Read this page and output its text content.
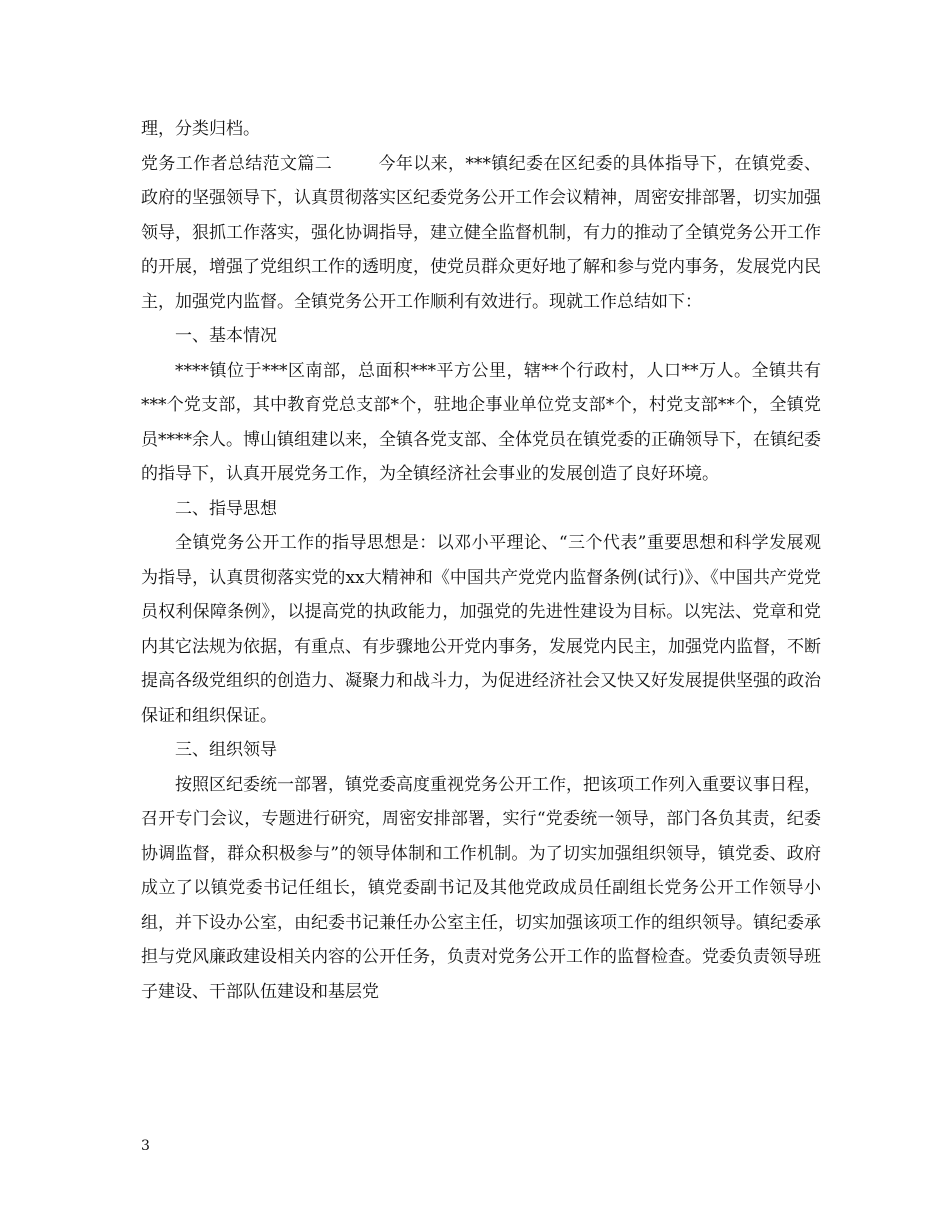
理，分类归档。

党务工作者总结范文篇二	今年以来，***镇纪委在区纪委的具体指导下，在镇党委、政府的坚强领导下，认真贯彻落实区纪委党务公开工作会议精神，周密安排部署，切实加强领导，狠抓工作落实，强化协调指导，建立健全监督机制，有力的推动了全镇党务公开工作的开展，增强了党组织工作的透明度，使党员群众更好地了解和参与党内事务，发展党内民主，加强党内监督。全镇党务公开工作顺利有效进行。现就工作总结如下：

一、基本情况

****镇位于***区南部，总面积***平方公里，辖**个行政村，人口**万人。全镇共有***个党支部，其中教育党总支部*个，驻地企事业单位党支部*个，村党支部**个，全镇党员****余人。博山镇组建以来，全镇各党支部、全体党员在镇党委的正确领导下，在镇纪委的指导下，认真开展党务工作，为全镇经济社会事业的发展创造了良好环境。

二、指导思想

全镇党务公开工作的指导思想是：以邓小平理论、“三个代表”重要思想和科学发展观为指导，认真贯彻落实党的xx大精神和《中国共产党党内监督条例(试行)》、《中国共产党党员权利保障条例》，以提高党的执政能力，加强党的先进性建设为目标。以宪法、党章和党内其它法规为依据，有重点、有步骤地公开党内事务，发展党内民主，加强党内监督，不断提高各级党组织的创造力、凝聚力和战斗力，为促进经济社会又快又好发展提供坚强的政治保证和组织保证。

三、组织领导

按照区纪委统一部署，镇党委高度重视党务公开工作，把该项工作列入重要议事日程，召开专门会议，专题进行研究，周密安排部署，实行“党委统一领导，部门各负其责，纪委协调监督，群众积极参与”的领导体制和工作机制。为了切实加强组织领导，镇党委、政府成立了以镇党委书记任组长，镇党委副书记及其他党政成员任副组长党务公开工作领导小组，并下设办公室，由纪委书记兼任办公室主任，切实加强该项工作的组织领导。镇纪委承担与党风廉政建设相关内容的公开任务，负责对党务公开工作的监督检查。党委负责领导班子建设、干部队伍建设和基层党

3
